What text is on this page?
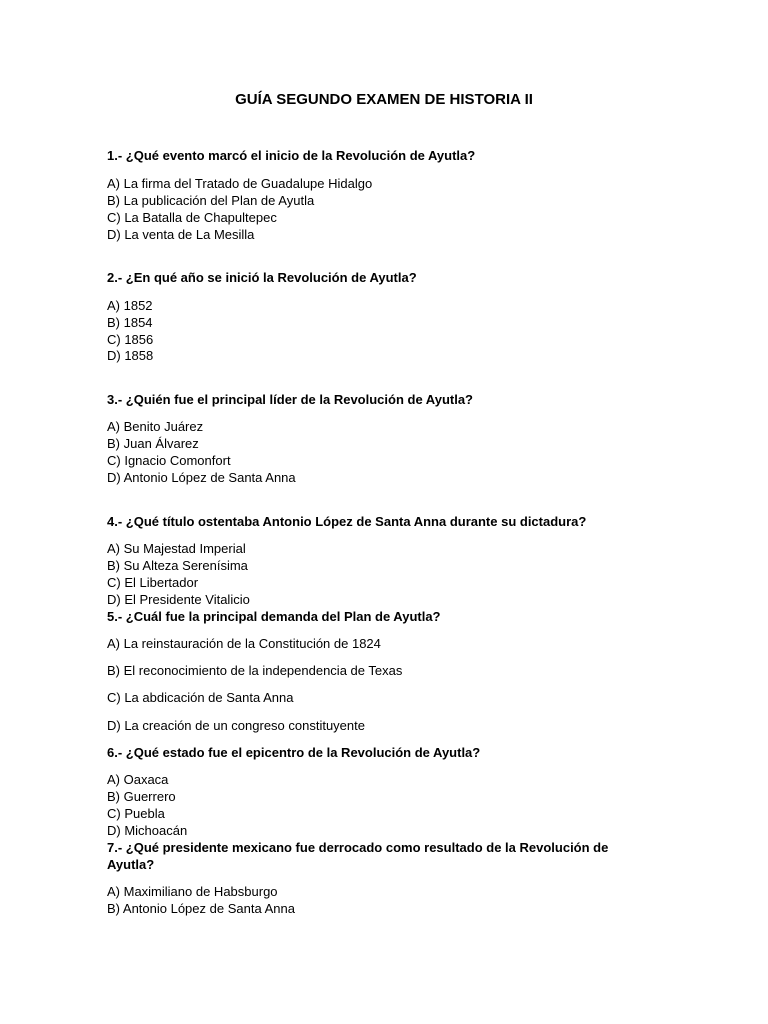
GUÍA SEGUNDO EXAMEN DE HISTORIA II

1.- ¿Qué evento marcó el inicio de la Revolución de Ayutla?

A) La firma del Tratado de Guadalupe Hidalgo
B) La publicación del Plan de Ayutla
C) La Batalla de Chapultepec
D) La venta de La Mesilla

2.- ¿En qué año se inició la Revolución de Ayutla?

A) 1852
B) 1854
C) 1856
D) 1858

3.- ¿Quién fue el principal líder de la Revolución de Ayutla?

A) Benito Juárez
B) Juan Álvarez
C) Ignacio Comonfort
D) Antonio López de Santa Anna

4.- ¿Qué título ostentaba Antonio López de Santa Anna durante su dictadura?

A) Su Majestad Imperial
B) Su Alteza Serenísima
C) El Libertador
D) El Presidente Vitalicio

5.- ¿Cuál fue la principal demanda del Plan de Ayutla?

A) La reinstauración de la Constitución de 1824
B) El reconocimiento de la independencia de Texas
C) La abdicación de Santa Anna
D) La creación de un congreso constituyente

6.- ¿Qué estado fue el epicentro de la Revolución de Ayutla?

A) Oaxaca
B) Guerrero
C) Puebla
D) Michoacán

7.- ¿Qué presidente mexicano fue derrocado como resultado de la Revolución de Ayutla?

A) Maximiliano de Habsburgo
B) Antonio López de Santa Anna
